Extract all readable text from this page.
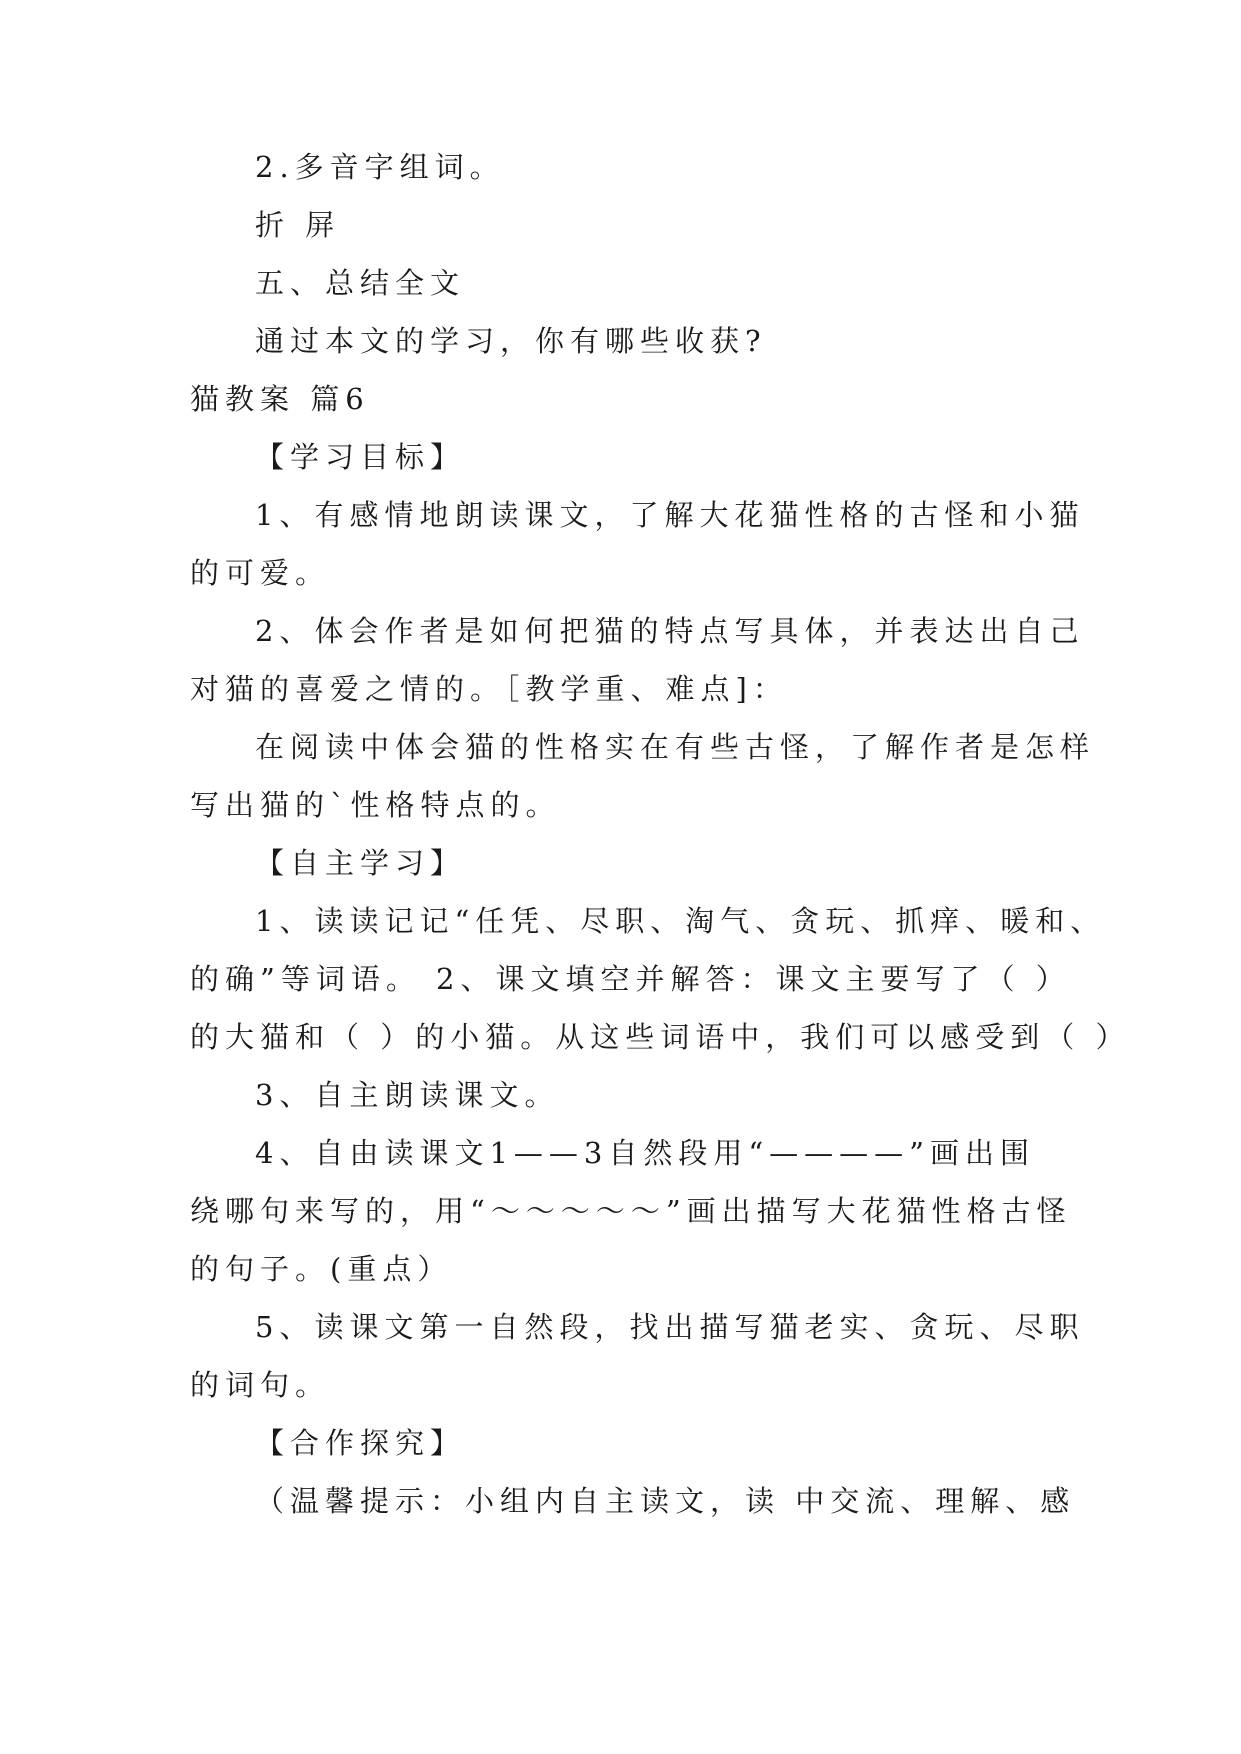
2.多音字组词。
折 屏
五、总结全文
通过本文的学习，你有哪些收获?
猫教案 篇6
【学习目标】
1、有感情地朗读课文，了解大花猫性格的古怪和小猫
的可爱。
2、体会作者是如何把猫的特点写具体，并表达出自己
对猫的喜爱之情的。［教学重、难点]：
在阅读中体会猫的性格实在有些古怪，了解作者是怎样
写出猫的`性格特点的。
【自主学习】
1、读读记记“任凭、尽职、淘气、贪玩、抓痒、暖和、
的确”等词语。 2、课文填空并解答：课文主要写了（ ）
的大猫和（ ）的小猫。从这些词语中，我们可以感受到（ ）
3、自主朗读课文。
4、自由读课文1——3自然段用“————”画出围
绕哪句来写的，用“～～～～～”画出描写大花猫性格古怪
的句子。(重点）
5、读课文第一自然段，找出描写猫老实、贪玩、尽职
的词句。
【合作探究】
（温馨提示：小组内自主读文，读 中交流、理解、感
